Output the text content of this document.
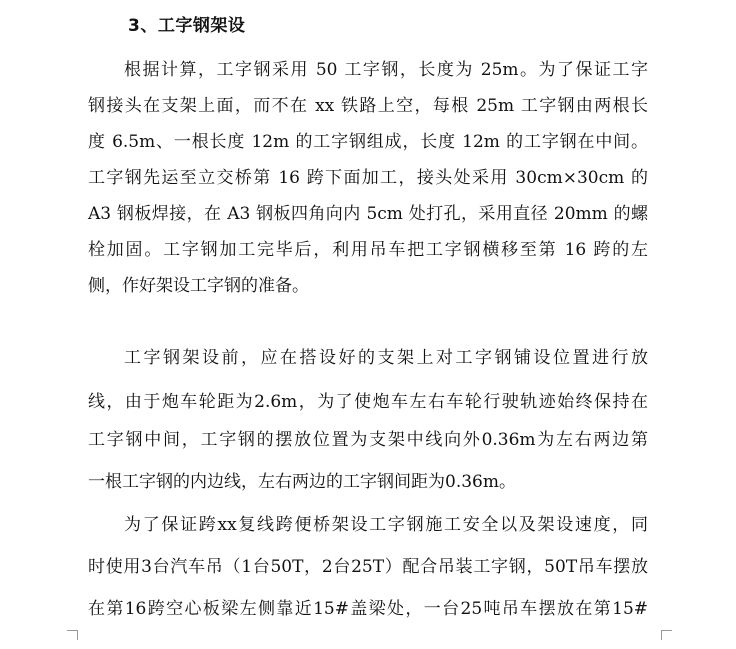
3、工字钢架设
根据计算，工字钢采用 50 工字钢，长度为 25m。为了保证工字
钢接头在支架上面，而不在 xx 铁路上空，每根 25m 工字钢由两根长
度 6.5m、一根长度 12m 的工字钢组成，长度 12m 的工字钢在中间。
工字钢先运至立交桥第 16 跨下面加工，接头处采用 30cm×30cm 的
A3 钢板焊接，在 A3 钢板四角向内 5cm 处打孔，采用直径 20mm 的螺
栓加固。工字钢加工完毕后，利用吊车把工字钢横移至第 16 跨的左
侧，作好架设工字钢的准备。
工字钢架设前，应在搭设好的支架上对工字钢铺设位置进行放
线，由于炮车轮距为2.6m，为了使炮车左右车轮行驶轨迹始终保持在
工字钢中间，工字钢的摆放位置为支架中线向外0.36m为左右两边第
一根工字钢的内边线，左右两边的工字钢间距为0.36m。
为了保证跨xx复线跨便桥架设工字钢施工安全以及架设速度，同
时使用3台汽车吊（1台50T，2台25T）配合吊装工字钢，50T吊车摆放
在第16跨空心板梁左侧靠近15#盖梁处，一台25吨吊车摆放在第15#
